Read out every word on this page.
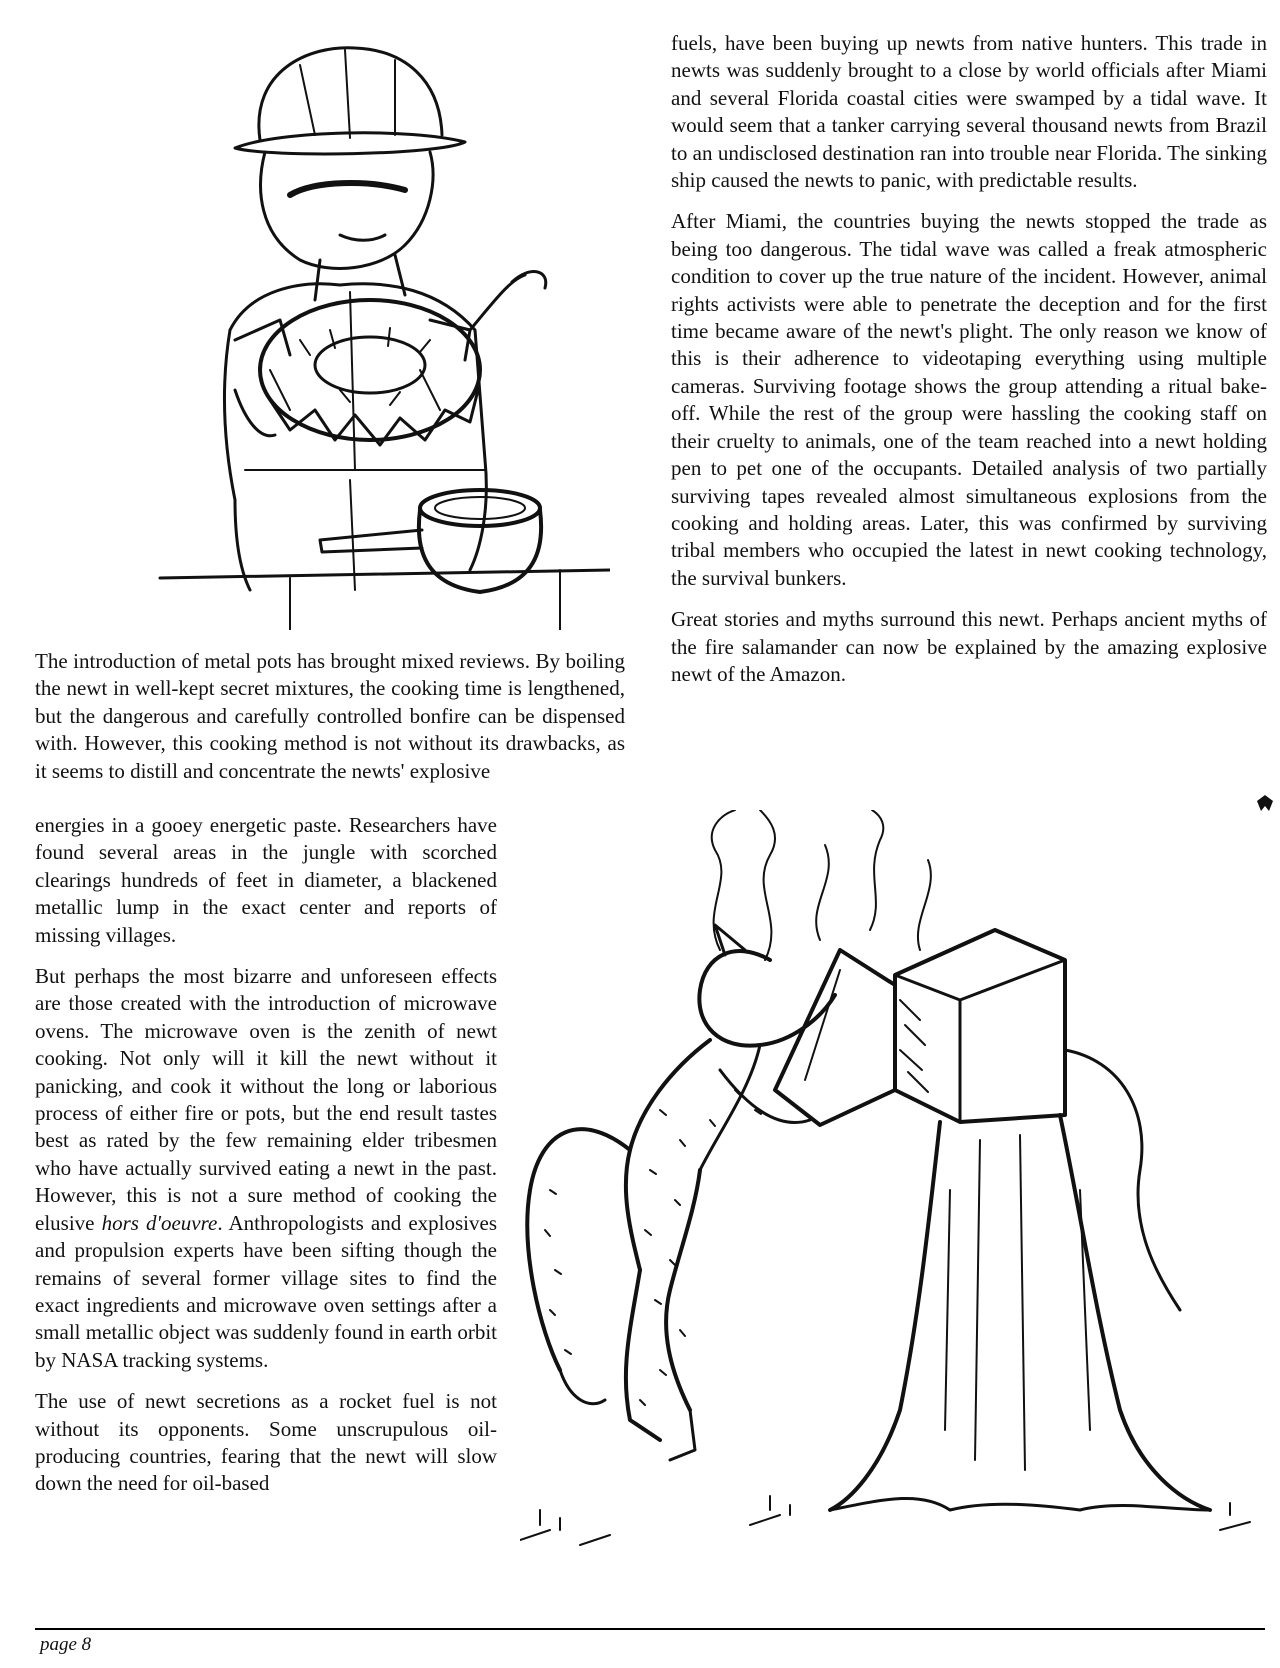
The introduction of metal pots has brought mixed reviews. By boiling the newt in well-kept secret mixtures, the cooking time is lengthened, but the dangerous and carefully controlled bonfire can be dispensed with. However, this cooking method is not without its drawbacks, as it seems to distill and concentrate the newts' explosive

energies in a gooey energetic paste. Researchers have found several areas in the jungle with scorched clearings hundreds of feet in diameter, a blackened metallic lump in the exact center and reports of missing villages.

But perhaps the most bizarre and unforeseen effects are those created with the introduction of microwave ovens. The microwave oven is the zenith of newt cooking. Not only will it kill the newt without it panicking, and cook it without the long or laborious process of either fire or pots, but the end result tastes best as rated by the few remaining elder tribesmen who have actually survived eating a newt in the past. However, this is not a sure method of cooking the elusive hors d'oeuvre. Anthropologists and explosives and propulsion experts have been sifting though the remains of several former village sites to find the exact ingredients and microwave oven settings after a small metallic object was suddenly found in earth orbit by NASA tracking systems.

The use of newt secretions as a rocket fuel is not without its opponents. Some unscrupulous oil-producing countries, fearing that the newt will slow down the need for oil-based

fuels, have been buying up newts from native hunters. This trade in newts was suddenly brought to a close by world officials after Miami and several Florida coastal cities were swamped by a tidal wave. It would seem that a tanker carrying several thousand newts from Brazil to an undisclosed destination ran into trouble near Florida. The sinking ship caused the newts to panic, with predictable results.

After Miami, the countries buying the newts stopped the trade as being too dangerous. The tidal wave was called a freak atmospheric condition to cover up the true nature of the incident. However, animal rights activists were able to penetrate the deception and for the first time became aware of the newt's plight. The only reason we know of this is their adherence to videotaping everything using multiple cameras. Surviving footage shows the group attending a ritual bake-off. While the rest of the group were hassling the cooking staff on their cruelty to animals, one of the team reached into a newt holding pen to pet one of the occupants. Detailed analysis of two partially surviving tapes revealed almost simultaneous explosions from the cooking and holding areas. Later, this was confirmed by surviving tribal members who occupied the latest in newt cooking technology, the survival bunkers.

Great stories and myths surround this newt. Perhaps ancient myths of the fire salamander can now be explained by the amazing explosive newt of the Amazon.

page 8
